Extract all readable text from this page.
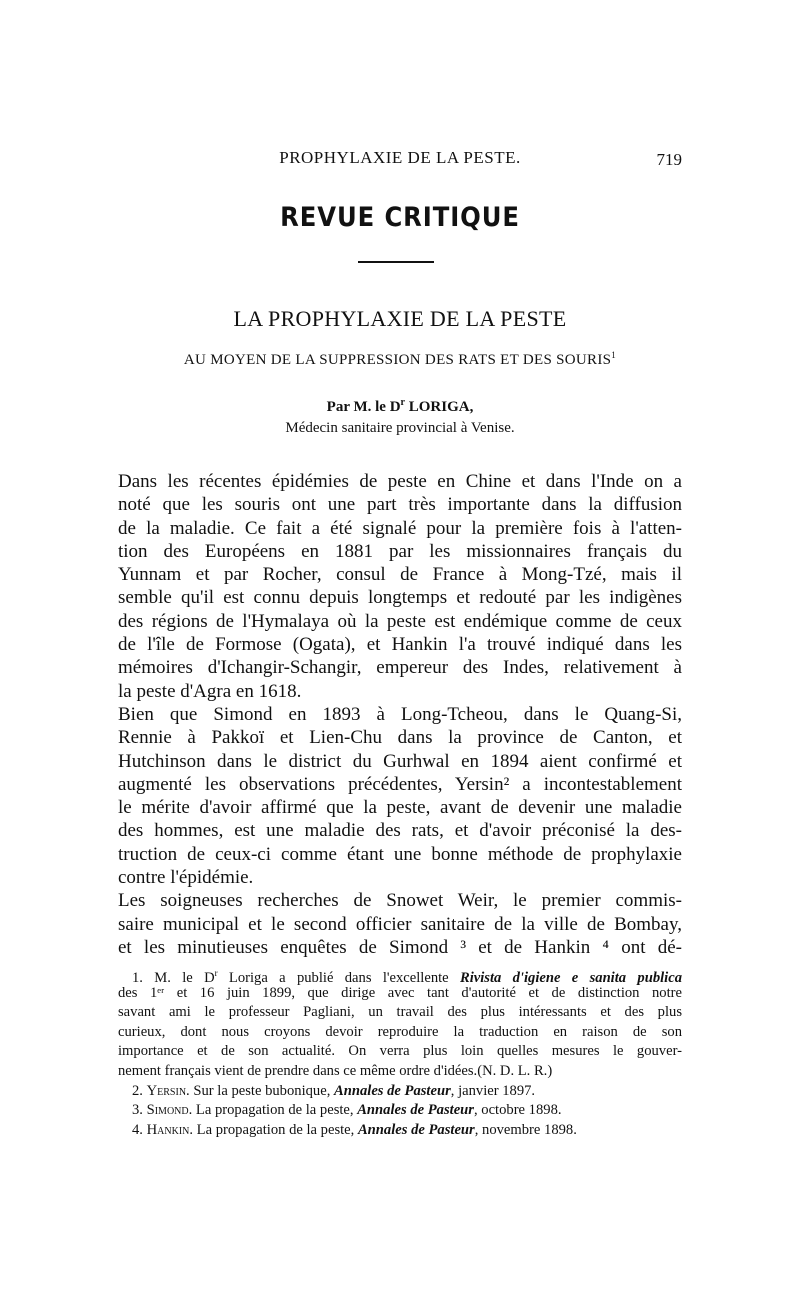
PROPHYLAXIE DE LA PESTE.	719
REVUE CRITIQUE
LA PROPHYLAXIE DE LA PESTE
AU MOYEN DE LA SUPPRESSION DES RATS ET DES SOURIS$^1$
Par M. le $D^r$ LORIGA,
Médecin sanitaire provincial à Venise.
Dans les récentes épidémies de peste en Chine et dans l'Inde on a
noté que les souris ont une part très importante dans la diffusion
de la maladie. Ce fait a été signalé pour la première fois à l'atten-
tion des Européens en 1881 par les missionnaires français du
Yunnam et par Rocher, consul de France à Mong-Tzé, mais il
semble qu'il est connu depuis longtemps et redouté par les indigènes
des régions de l'Hymalaya où la peste est endémique comme de ceux
de l'île de Formose (Ogata), et Hankin l'a trouvé indiqué dans les
mémoires d'Ichangir-Schangir, empereur des Indes, relativement à
la peste d'Agra en 1618.
Bien que Simond en 1893 à Long-Tcheou, dans le Quang-Si,
Rennie à Pakkoï et Lien-Chu dans la province de Canton, et
Hutchinson dans le district du Gurhwal en 1894 aient confirmé et
augmenté les observations précédentes, Yersin² a incontestablement
le mérite d'avoir affirmé que la peste, avant de devenir une maladie
des hommes, est une maladie des rats, et d'avoir préconisé la des-
truction de ceux-ci comme étant une bonne méthode de prophylaxie
contre l'épidémie.
Les soigneuses recherches de Snowet Weir, le premier commis-
saire municipal et le second officier sanitaire de la ville de Bombay,
et les minutieuses enquêtes de Simond ³ et de Hankin ⁴ ont dé-
1. M. le $D^r$ Loriga a publié dans l'excellente Rivista d'igiene e sanita publica
des 1ᵉʳ et 16 juin 1899, que dirige avec tant d'autorité et de distinction notre
savant ami le professeur Pagliani, un travail des plus intéressants et des plus
curieux, dont nous croyons devoir reproduire la traduction en raison de son
importance et de son actualité. On verra plus loin quelles mesures le gouver-
nement français vient de prendre dans ce même ordre d'idées.(N. D. L. R.)
2. Yersin. Sur la peste bubonique, Annales de Pasteur, janvier 1897.
3. Simond. La propagation de la peste, Annales de Pasteur, octobre 1898.
4. Hankin. La propagation de la peste, Annales de Pasteur, novembre 1898.
